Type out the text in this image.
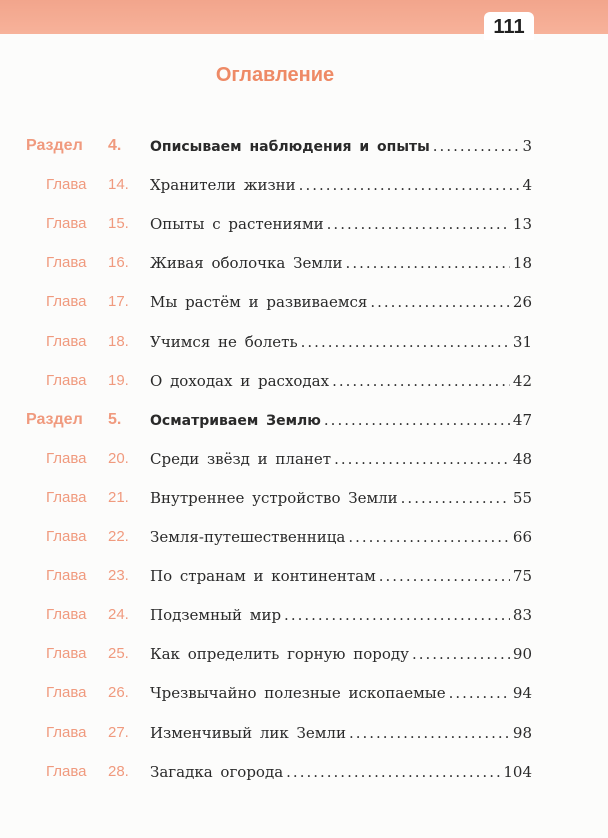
111
Оглавление
Раздел 4. Описываем наблюдения и опыты .....	3
Глава 14. Хранители жизни .....	4
Глава 15. Опыты с растениями .....	13
Глава 16. Живая оболочка Земли .....	18
Глава 17. Мы растём и развиваемся .....	26
Глава 18. Учимся не болеть .....	31
Глава 19. О доходах и расходах .....	42
Раздел 5. Осматриваем Землю .....	47
Глава 20. Среди звёзд и планет .....	48
Глава 21. Внутреннее устройство Земли .....	55
Глава 22. Земля-путешественница .....	66
Глава 23. По странам и континентам .....	75
Глава 24. Подземный мир .....	83
Глава 25. Как определить горную породу .....	90
Глава 26. Чрезвычайно полезные ископаемые .....	94
Глава 27. Изменчивый лик Земли .....	98
Глава 28. Загадка огорода .....	104
